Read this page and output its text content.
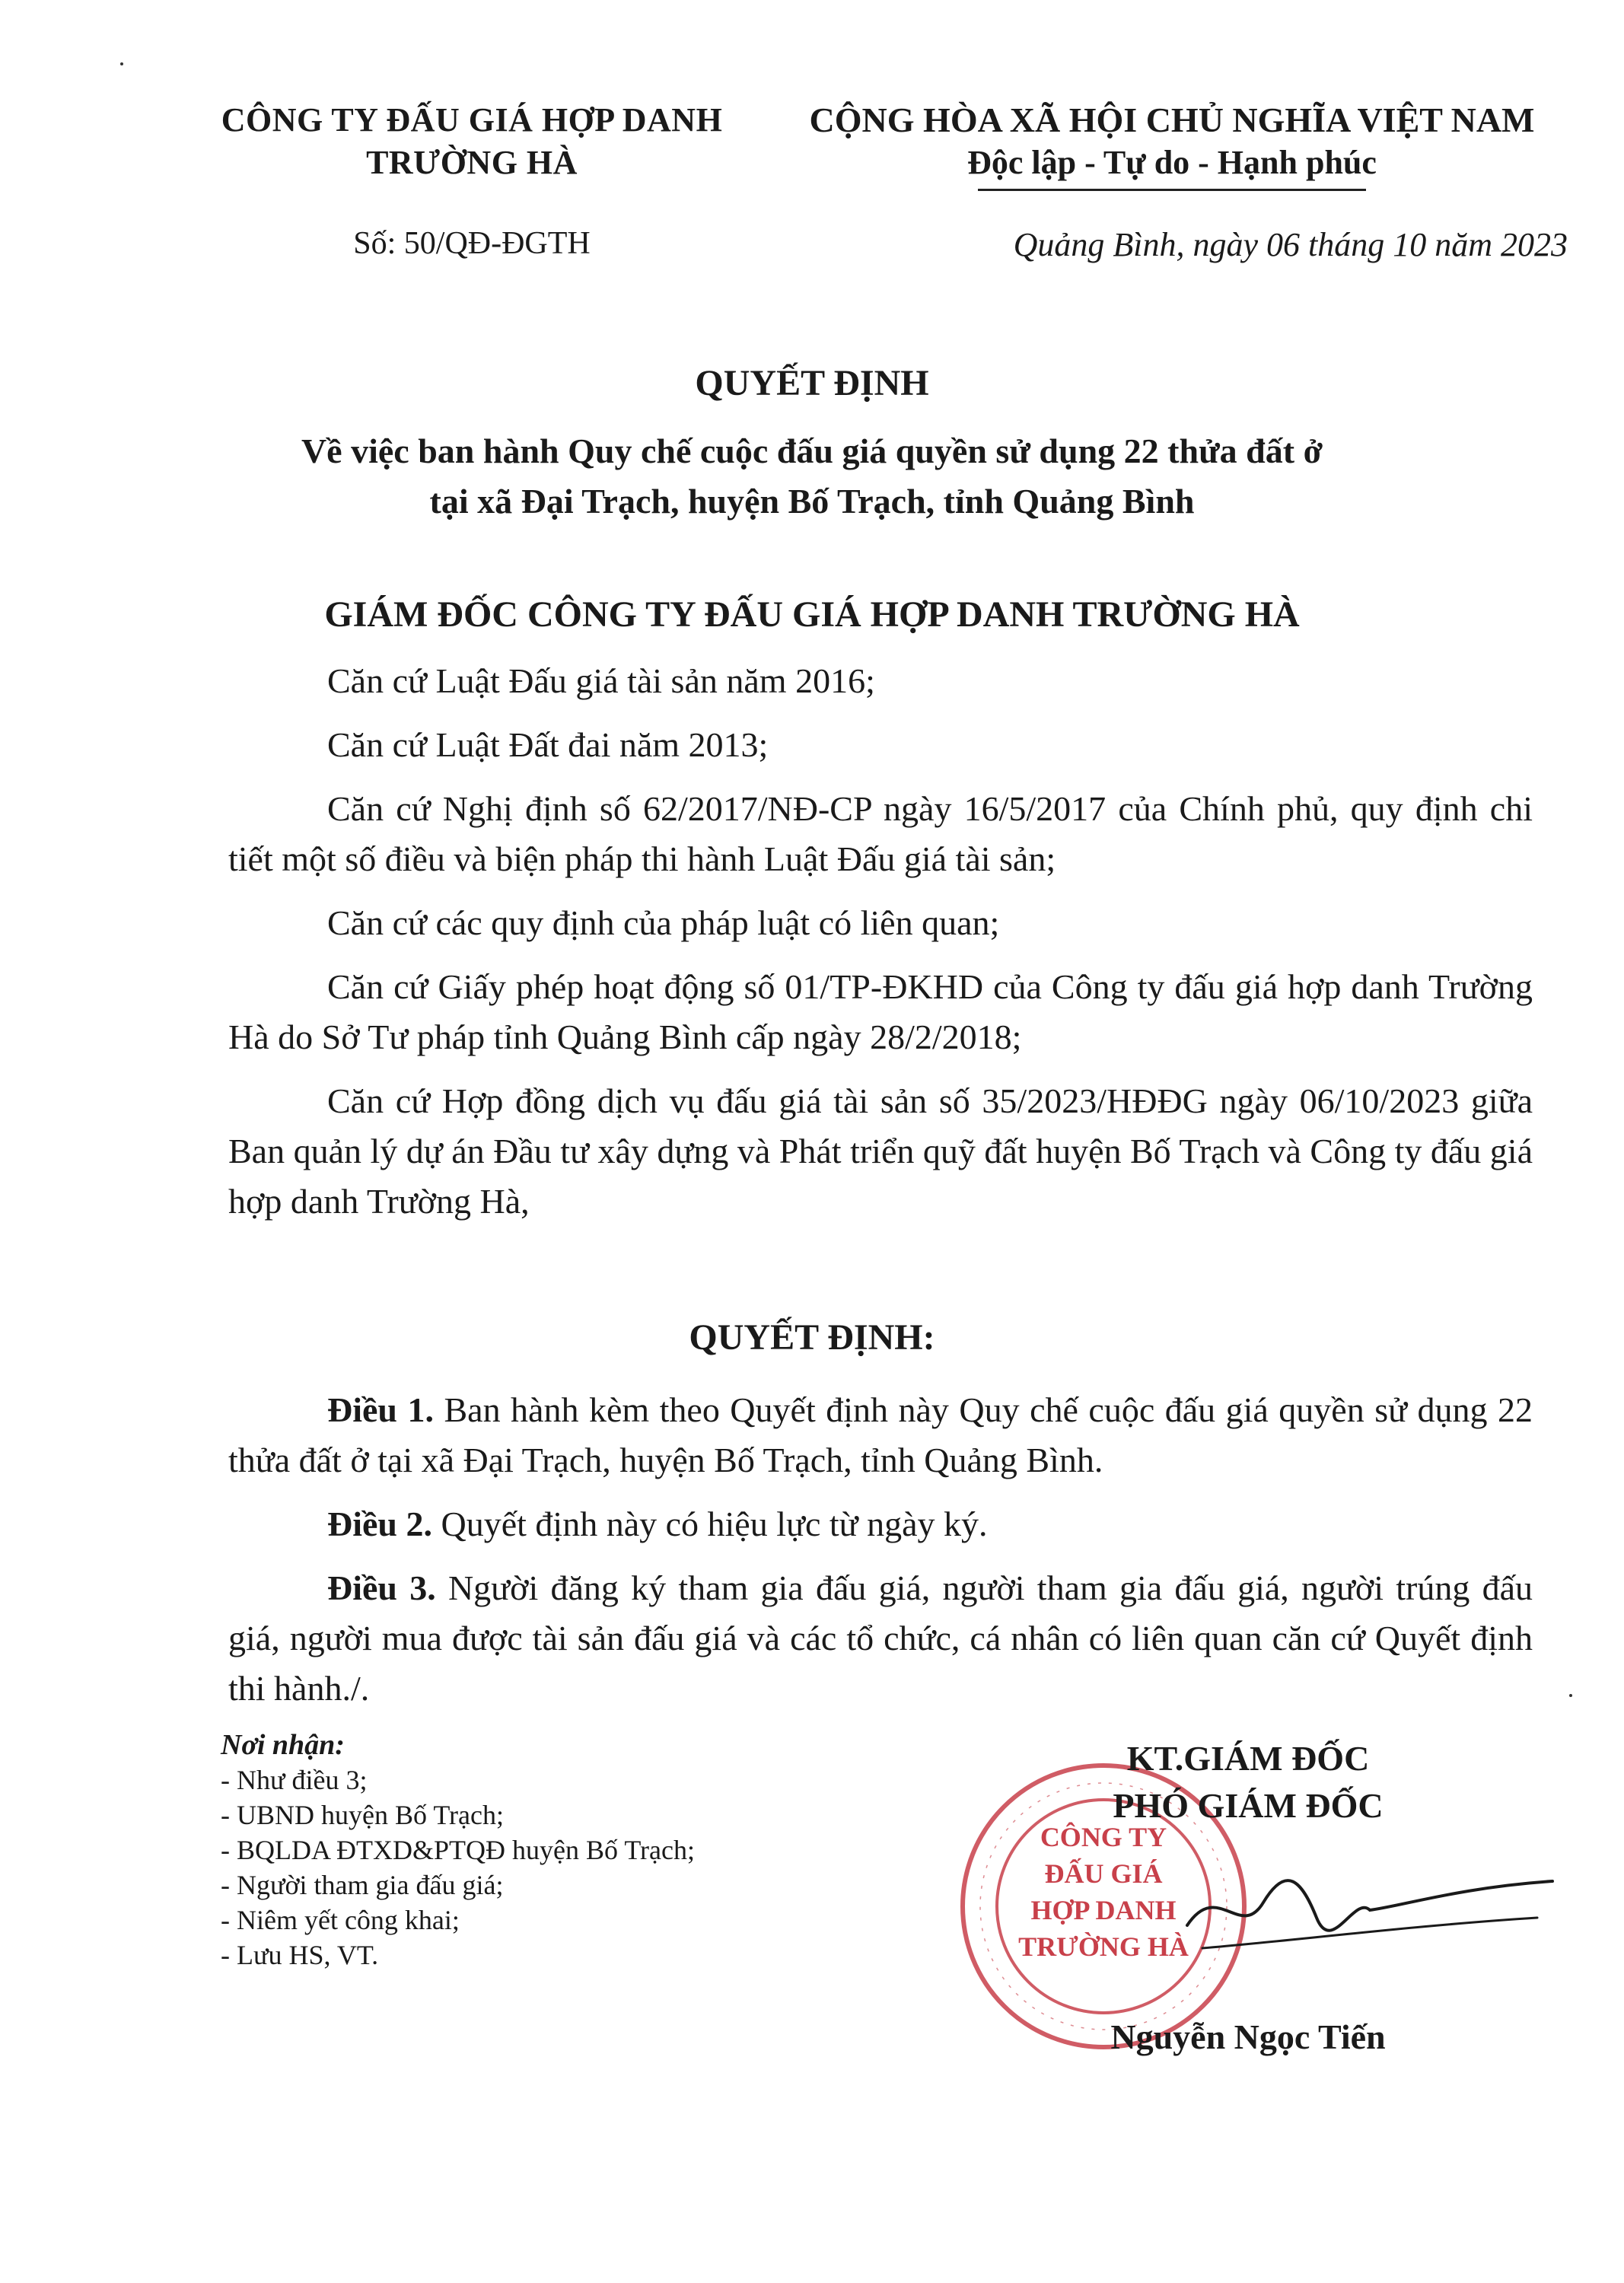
CÔNG TY ĐẤU GIÁ HỢP DANH
TRƯỜNG HÀ
CỘNG HÒA XÃ HỘI CHỦ NGHĨA VIỆT NAM
Độc lập - Tự do - Hạnh phúc
Số: 50/QĐ-ĐGTH	Quảng Bình, ngày 06 tháng 10 năm 2023
QUYẾT ĐỊNH
Về việc ban hành Quy chế cuộc đấu giá quyền sử dụng 22 thửa đất ở
tại xã Đại Trạch, huyện Bố Trạch, tỉnh Quảng Bình
GIÁM ĐỐC CÔNG TY ĐẤU GIÁ HỢP DANH TRƯỜNG HÀ

Căn cứ Luật Đấu giá tài sản năm 2016;

Căn cứ Luật Đất đai năm 2013;

Căn cứ Nghị định số 62/2017/NĐ-CP ngày 16/5/2017 của Chính phủ, quy định chi tiết một số điều và biện pháp thi hành Luật Đấu giá tài sản;

Căn cứ các quy định của pháp luật có liên quan;

Căn cứ Giấy phép hoạt động số 01/TP-ĐKHD của Công ty đấu giá hợp danh Trường Hà do Sở Tư pháp tỉnh Quảng Bình cấp ngày 28/2/2018;

Căn cứ Hợp đồng dịch vụ đấu giá tài sản số 35/2023/HĐĐG ngày 06/10/2023 giữa Ban quản lý dự án Đầu tư xây dựng và Phát triển quỹ đất huyện Bố Trạch và Công ty đấu giá hợp danh Trường Hà,

QUYẾT ĐỊNH:

Điều 1. Ban hành kèm theo Quyết định này Quy chế cuộc đấu giá quyền sử dụng 22 thửa đất ở tại xã Đại Trạch, huyện Bố Trạch, tỉnh Quảng Bình.

Điều 2. Quyết định này có hiệu lực từ ngày ký.

Điều 3. Người đăng ký tham gia đấu giá, người tham gia đấu giá, người trúng đấu giá, người mua được tài sản đấu giá và các tổ chức, cá nhân có liên quan căn cứ Quyết định thi hành./.

Nơi nhận:
- Như điều 3;
- UBND huyện Bố Trạch;
- BQLDA ĐTXD&PTQĐ huyện Bố Trạch;
- Người tham gia đấu giá;
- Niêm yết công khai;
- Lưu HS, VT.
CÔNG TY
ĐẤU GIÁ
HỢP DANH
TRƯỜNG HÀ
KT.GIÁM ĐỐC
PHÓ GIÁM ĐỐC
Nguyễn Ngọc Tiến
